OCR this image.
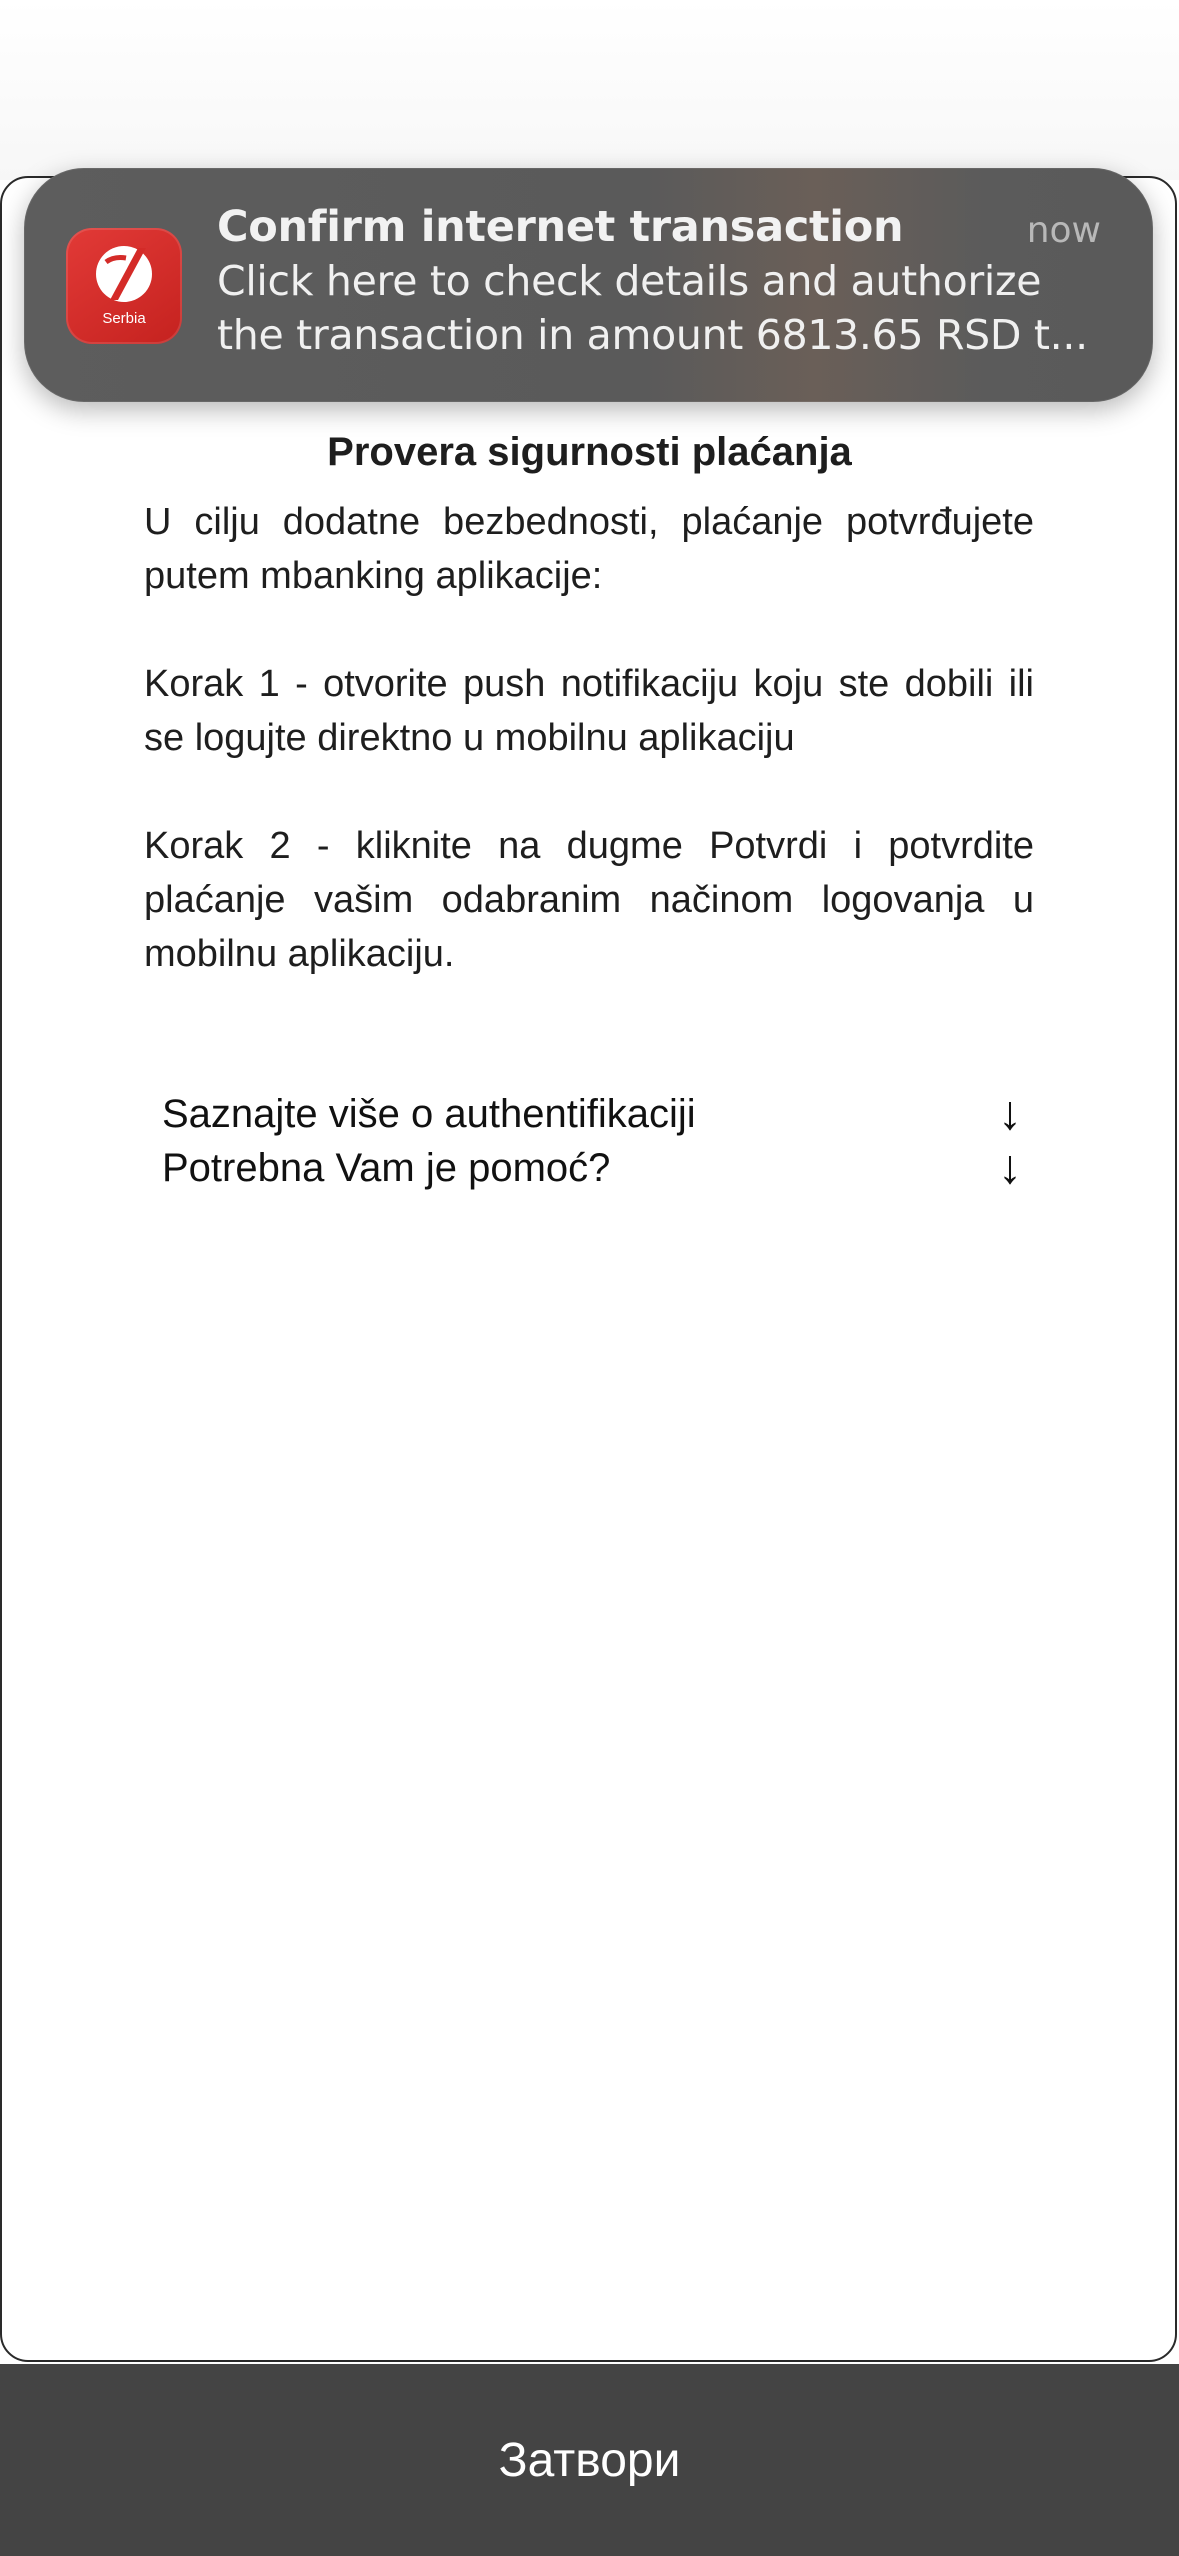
Serbia
Confirm internet transaction	now
Click here to check details and authorize the transaction in amount 6813.65 RSD t...
Provera sigurnosti plaćanja
U cilju dodatne bezbednosti, plaćanje potvrđujete putem mbanking aplikacije:
Korak 1 - otvorite push notifikaciju koju ste dobili ili se logujte direktno u mobilnu aplikaciju
Korak 2 - kliknite na dugme Potvrdi i potvrdite plaćanje vašim odabranim načinom logovanja u mobilnu aplikaciju.
Saznajte više o authentifikaciji	↓
Potrebna Vam je pomoć?	↓
Затвори
